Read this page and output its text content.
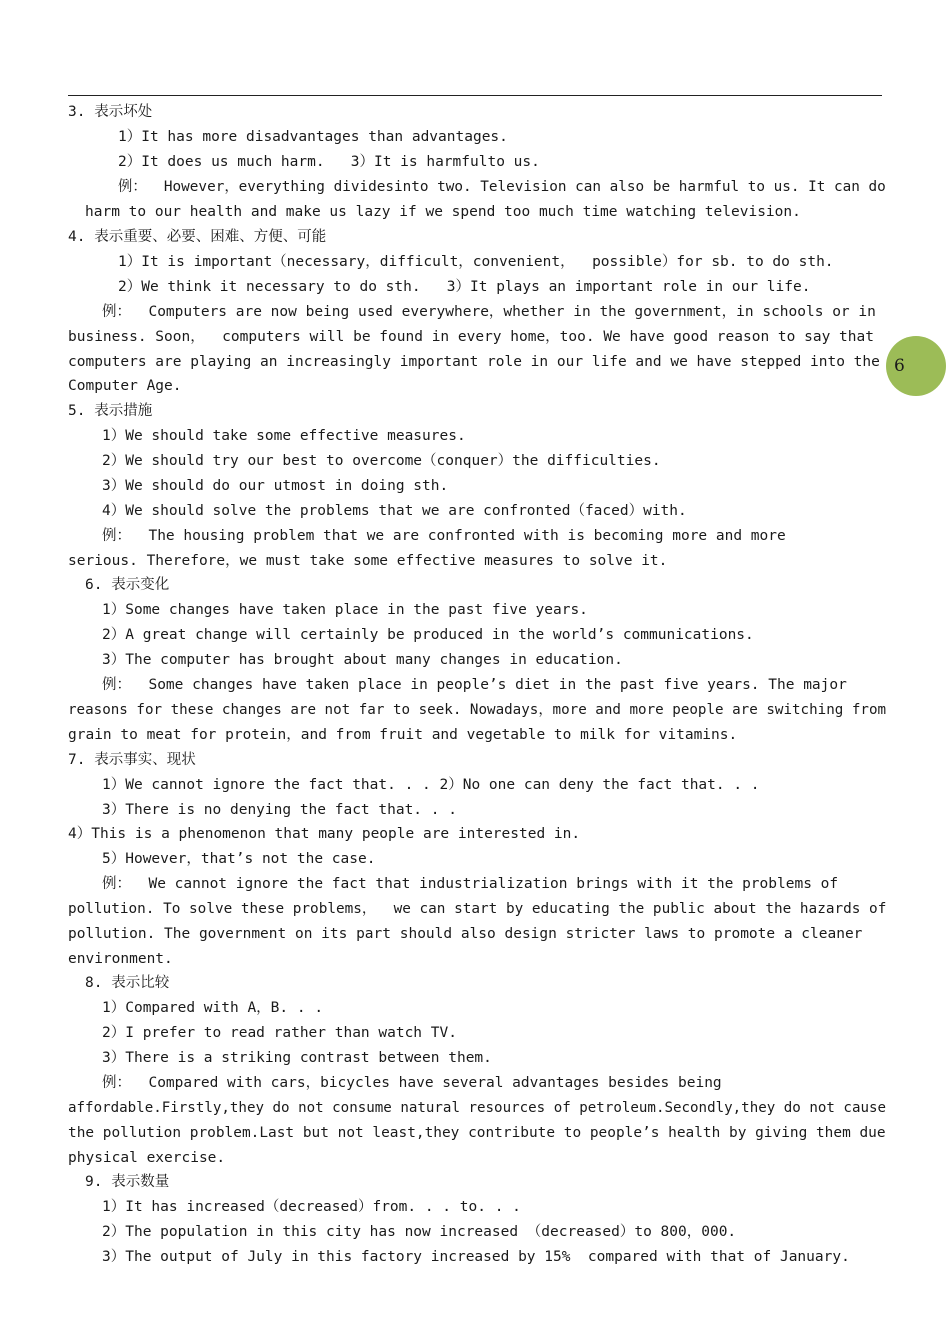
6
3. 表示坏处
1）It has more disadvantages than advantages.
2）It does us much harm.   3）It is harmfulto us.
例：  However，everything dividesinto two. Television can also be harmful to us. It can do
harm to our health and make us lazy if we spend too much time watching television.
4. 表示重要、必要、困难、方便、可能
1）It is important（necessary，difficult，convenient，  possible）for sb. to do sth.
2）We think it necessary to do sth.   3）It plays an important role in our life.
例：  Computers are now being used everywhere，whether in the government，in schools or in
business. Soon，  computers will be found in every home，too. We have good reason to say that
computers are playing an increasingly important role in our life and we have stepped into the
Computer Age.
5. 表示措施
1）We should take some effective measures.
2）We should try our best to overcome（conquer）the difficulties.
3）We should do our utmost in doing sth.
4）We should solve the problems that we are confronted（faced）with.
例：  The housing problem that we are confronted with is becoming more and more
serious. Therefore，we must take some effective measures to solve it.
6. 表示变化
1）Some changes have taken place in the past five years.
2）A great change will certainly be produced in the world’s communications.
3）The computer has brought about many changes in education.
例：  Some changes have taken place in people’s diet in the past five years. The major
reasons for these changes are not far to seek. Nowadays，more and more people are switching from
grain to meat for protein，and from fruit and vegetable to milk for vitamins.
7. 表示事实、现状
1）We cannot ignore the fact that. . . 2）No one can deny the fact that. . .
3）There is no denying the fact that. . .
4）This is a phenomenon that many people are interested in.
5）However，that’s not the case.
例：  We cannot ignore the fact that industrialization brings with it the problems of
pollution. To solve these problems，  we can start by educating the public about the hazards of
pollution. The government on its part should also design stricter laws to promote a cleaner
environment.
8. 表示比较
1）Compared with A，B. . .
2）I prefer to read rather than watch TV.
3）There is a striking contrast between them.
例：  Compared with cars，bicycles have several advantages besides being
affordable.Firstly,they do not consume natural resources of petroleum.Secondly,they do not cause
the pollution problem.Last but not least,they contribute to people’s health by giving them due
physical exercise.
9. 表示数量
1）It has increased（decreased）from. . . to. . .
2）The population in this city has now increased （decreased）to 800，000.
3）The output of July in this factory increased by 15%  compared with that of January.
